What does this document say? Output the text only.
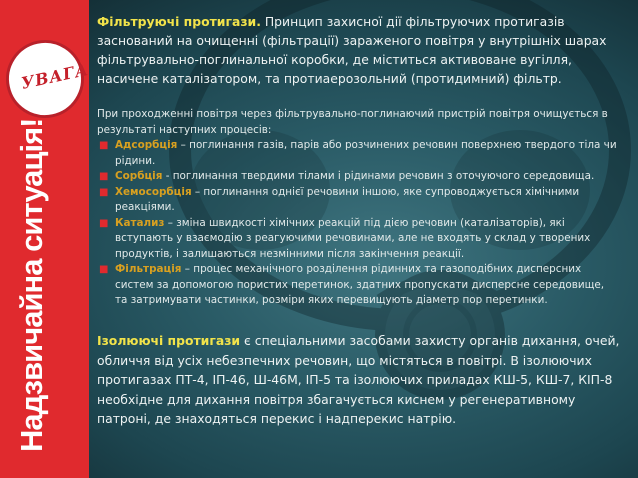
УВАГА
Надзвичайна ситуація!
Фільтруючі протигази. Принцип захисної дії фільтруючих протигазів заснований на очищенні (фільтрації) зараженого повітря у внутрішніх шарах фільтрувально-поглинальної коробки, де міститься активоване вугілля, насичене каталізатором, та протиаерозольний (протидимний) фільтр.
При проходженні повітря через фільтрувально-поглинаючий пристрій повітря очищується в результаті наступних процесів:
■ Адсорбція – поглинання газів, парів або розчинених речовин поверхнею твердого тіла чи рідини.
■ Сорбція - поглинання твердими тілами і рідинами речовин з оточуючого середовища.
■ Хемосорбція – поглинання однієї речовини іншою, яке супроводжується хімічними реакціями.
■ Катализ – зміна швидкості хімічних реакцій під дією речовин (каталізаторів), які вступають у взаємодію з реагуючими речовинами, але не входять у склад у творених продуктів, і залишаються незмінними після закінчення реакції.
■ Фільтрація – процес механічного розділення рідинних та газоподібних дисперсних систем за допомогою пористих перетинок, здатних пропускати дисперсне середовище, та затримувати частинки, розміри яких перевищують діаметр пор перетинки.
Ізолюючі протигази є спеціальними засобами захисту органів дихання, очей, обличчя від усіх небезпечних речовин, що містяться в повітрі. В ізолюючих протигазах ПТ-4, ІП-46, Ш-46М, ІП-5 та ізолюючих приладах КШ-5, КШ-7, КІП-8 необхідне для дихання повітря збагачується киснем у регенеративному патроні, де знаходяться перекис і надперекис натрію.
